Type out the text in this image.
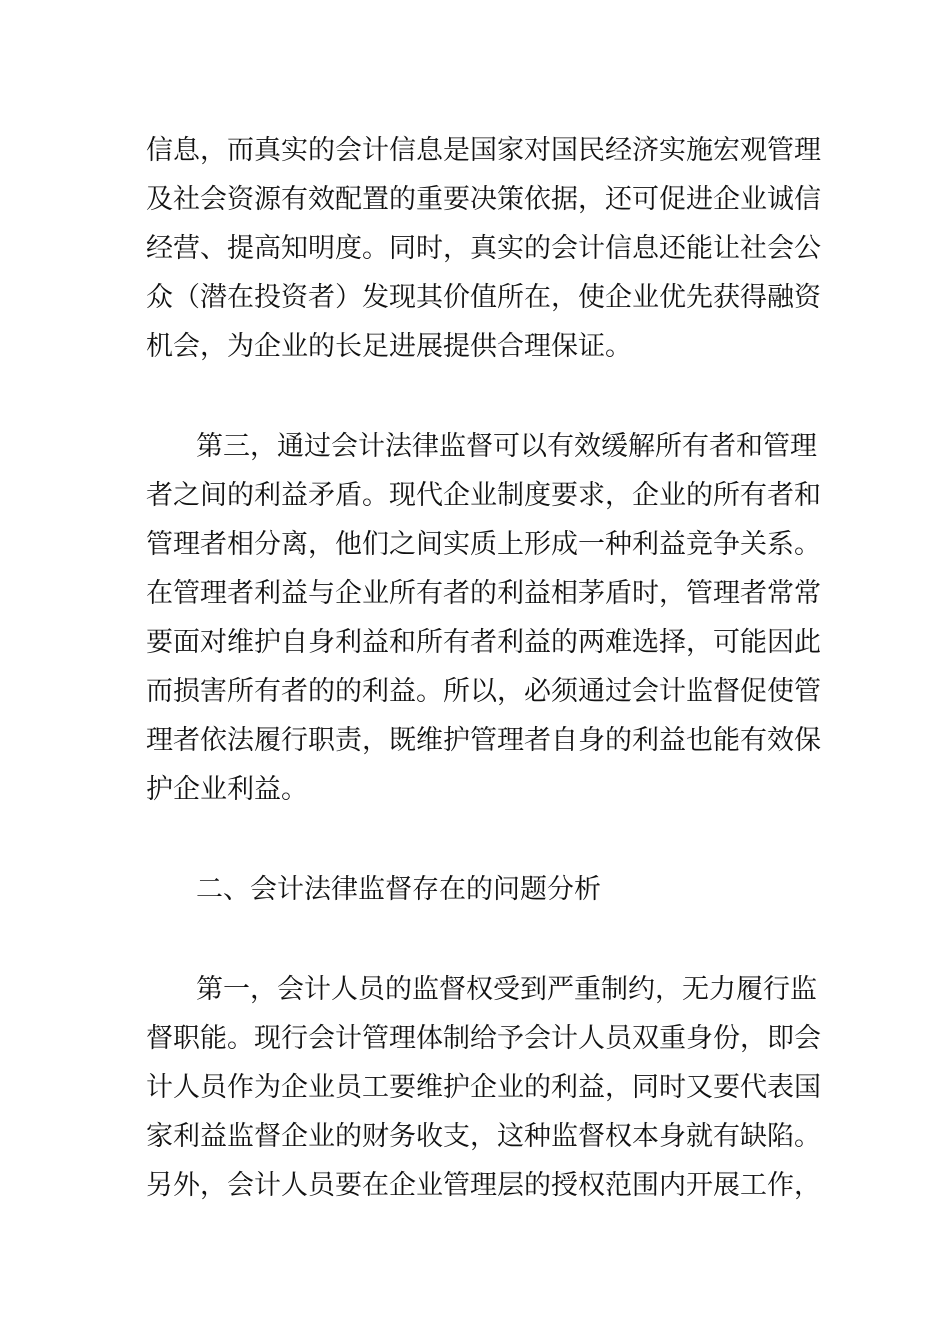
信息，而真实的会计信息是国家对国民经济实施宏观管理

及社会资源有效配置的重要决策依据，还可促进企业诚信

经营、提高知明度。同时，真实的会计信息还能让社会公

众（潜在投资者）发现其价值所在，使企业优先获得融资

机会，为企业的长足进展提供合理保证。

第三，通过会计法律监督可以有效缓解所有者和管理

者之间的利益矛盾。现代企业制度要求，企业的所有者和

管理者相分离，他们之间实质上形成一种利益竞争关系。

在管理者利益与企业所有者的利益相茅盾时，管理者常常

要面对维护自身利益和所有者利益的两难选择，可能因此

而损害所有者的的利益。所以，必须通过会计监督促使管

理者依法履行职责，既维护管理者自身的利益也能有效保

护企业利益。

二、会计法律监督存在的问题分析

第一，会计人员的监督权受到严重制约，无力履行监

督职能。现行会计管理体制给予会计人员双重身份，即会

计人员作为企业员工要维护企业的利益，同时又要代表国

家利益监督企业的财务收支，这种监督权本身就有缺陷。

另外，会计人员要在企业管理层的授权范围内开展工作，
